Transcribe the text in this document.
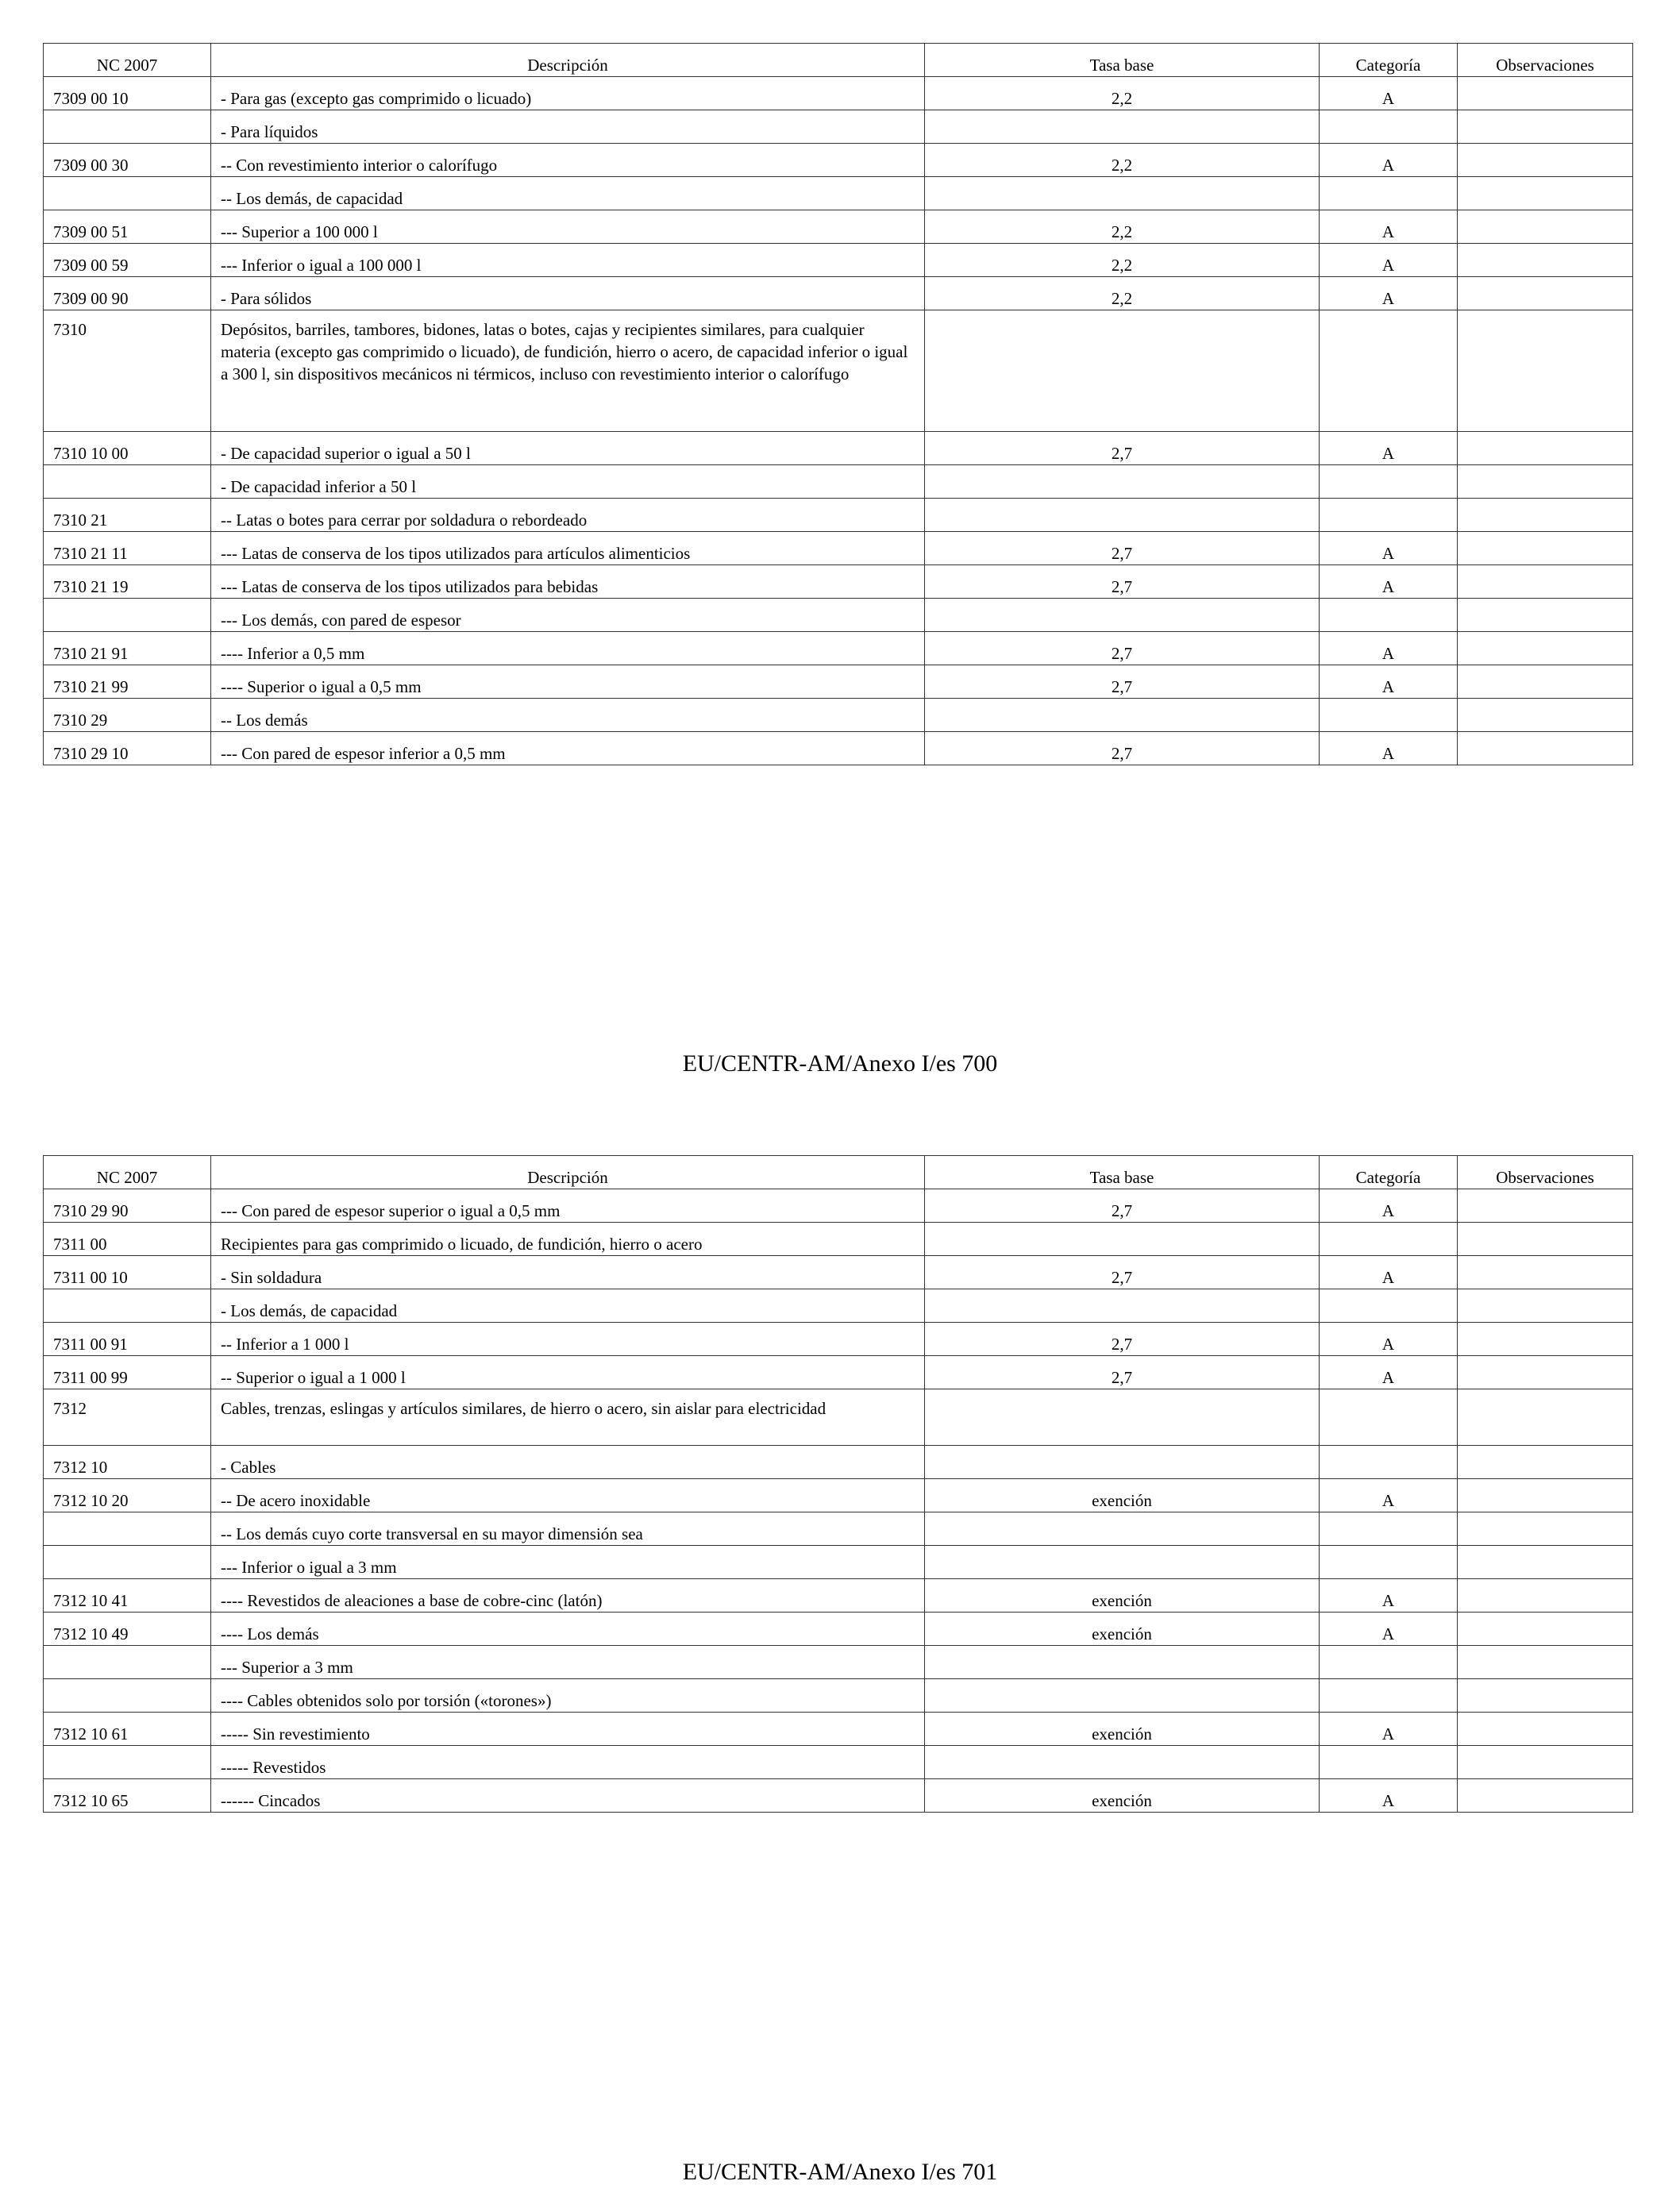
NC 2007	Descripción	Tasa base	Categoría	Observaciones
7309 00 10	- Para gas (excepto gas comprimido o licuado)	2,2	A	
	- Para líquidos			
7309 00 30	-- Con revestimiento interior o calorífugo	2,2	A	
	-- Los demás, de capacidad			
7309 00 51	--- Superior a 100 000 l	2,2	A	
7309 00 59	--- Inferior o igual a 100 000 l	2,2	A	
7309 00 90	- Para sólidos	2,2	A	
7310	Depósitos, barriles, tambores, bidones, latas o botes, cajas y recipientes similares, para cualquier materia (excepto gas comprimido o licuado), de fundición, hierro o acero, de capacidad inferior o igual a 300 l, sin dispositivos mecánicos ni térmicos, incluso con revestimiento interior o calorífugo			
7310 10 00	- De capacidad superior o igual a 50 l	2,7	A	
	- De capacidad inferior a 50 l			
7310 21	-- Latas o botes para cerrar por soldadura o rebordeado			
7310 21 11	--- Latas de conserva de los tipos utilizados para artículos alimenticios	2,7	A	
7310 21 19	--- Latas de conserva de los tipos utilizados para bebidas	2,7	A	
	--- Los demás, con pared de espesor			
7310 21 91	---- Inferior a 0,5 mm	2,7	A	
7310 21 99	---- Superior o igual a 0,5 mm	2,7	A	
7310 29	-- Los demás			
7310 29 10	--- Con pared de espesor inferior a 0,5 mm	2,7	A	
EU/CENTR-AM/Anexo I/es 700
NC 2007	Descripción	Tasa base	Categoría	Observaciones
7310 29 90	--- Con pared de espesor superior o igual a 0,5 mm	2,7	A	
7311 00	Recipientes para gas comprimido o licuado, de fundición, hierro o acero			
7311 00 10	- Sin soldadura	2,7	A	
	- Los demás, de capacidad			
7311 00 91	-- Inferior a 1 000 l	2,7	A	
7311 00 99	-- Superior o igual a 1 000 l	2,7	A	
7312	Cables, trenzas, eslingas y artículos similares, de hierro o acero, sin aislar para electricidad			
7312 10	- Cables			
7312 10 20	-- De acero inoxidable	exención	A	
	-- Los demás cuyo corte transversal en su mayor dimensión sea			
	--- Inferior o igual a 3 mm			
7312 10 41	---- Revestidos de aleaciones a base de cobre-cinc (latón)	exención	A	
7312 10 49	---- Los demás	exención	A	
	--- Superior a 3 mm			
	---- Cables obtenidos solo por torsión («torones»)			
7312 10 61	----- Sin revestimiento	exención	A	
	----- Revestidos			
7312 10 65	------ Cincados	exención	A	
EU/CENTR-AM/Anexo I/es 701
